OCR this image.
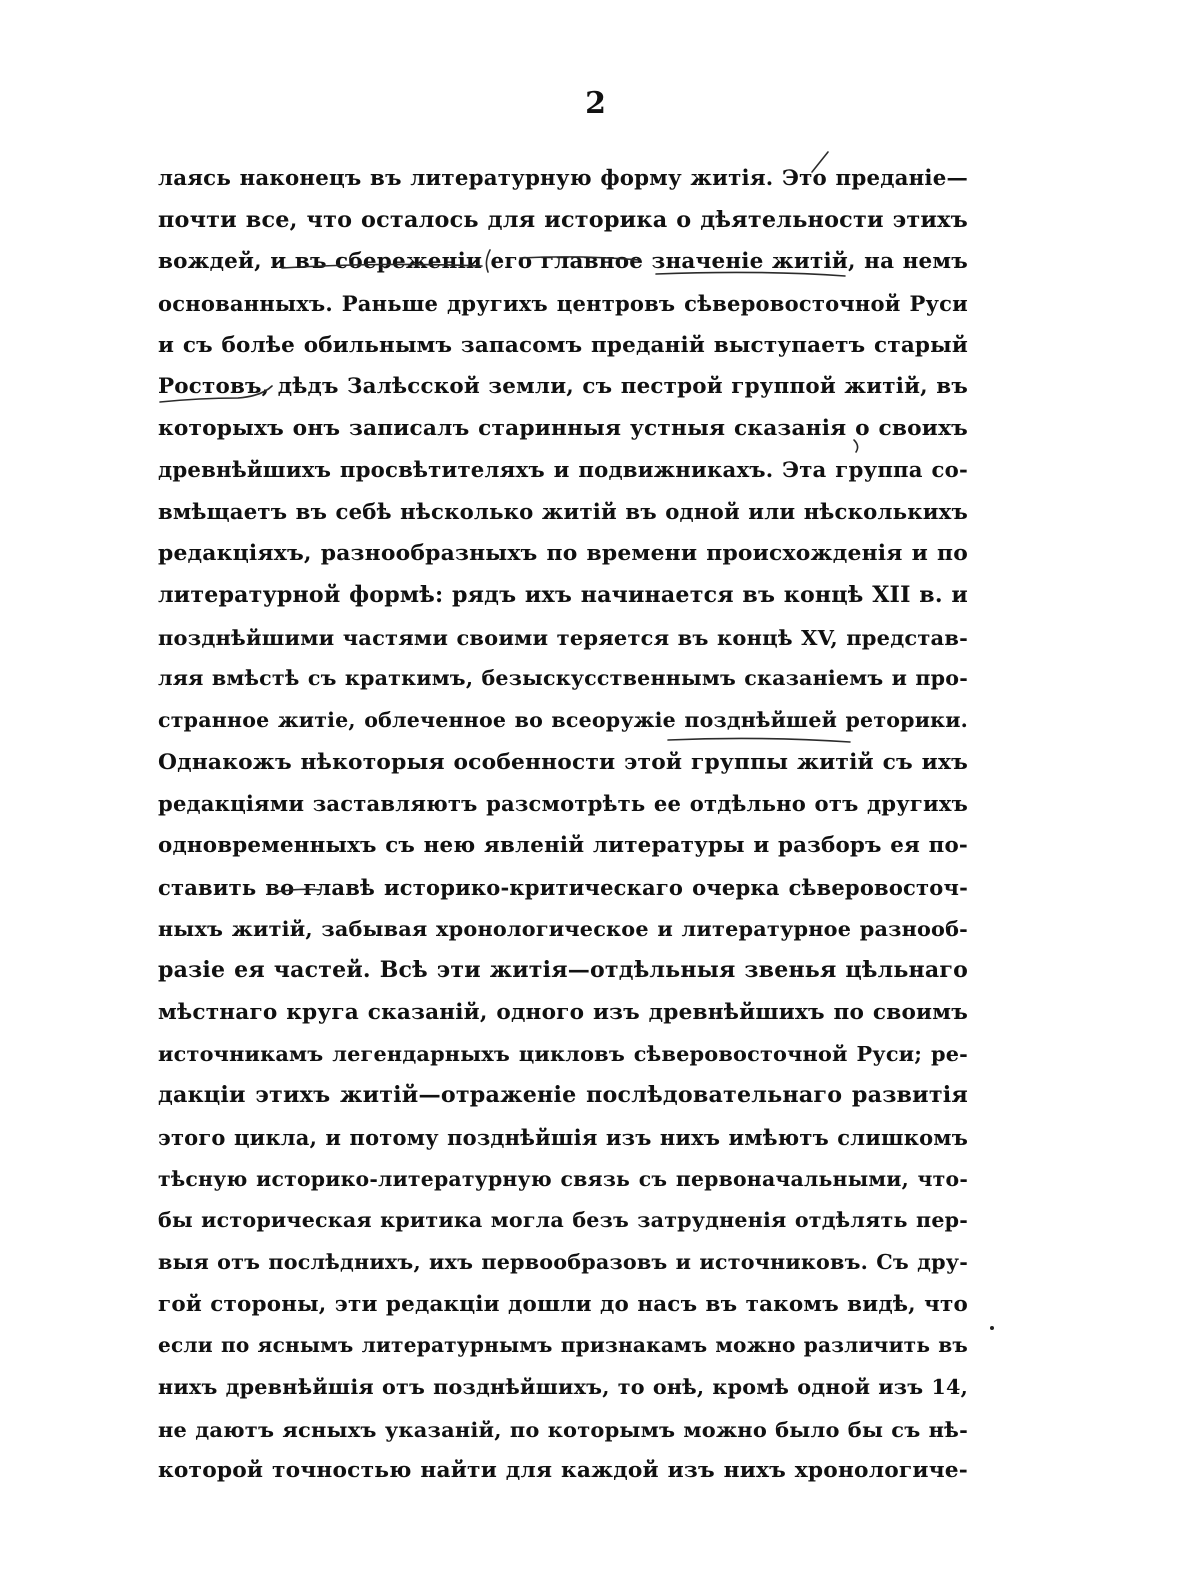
2
лаясь наконецъ въ литературную форму житія. Это преданіе—
почти все, что осталось для историка о дѣятельности этихъ
вождей, и въ сбереженіи его главное значеніе житій, на немъ
основанныхъ. Раньше другихъ центровъ сѣверовосточной Руси
и съ болѣе обильнымъ запасомъ преданій выступаетъ старый
Ростовъ, дѣдъ Залѣсской земли, съ пестрой группой житій, въ
которыхъ онъ записалъ старинныя устныя сказанія о своихъ
древнѣйшихъ просвѣтителяхъ и подвижникахъ. Эта группа со-
вмѣщаетъ въ себѣ нѣсколько житій въ одной или нѣсколькихъ
редакціяхъ, разнообразныхъ по времени происхожденія и по
литературной формѣ: рядъ ихъ начинается въ концѣ XII в. и
позднѣйшими частями своими теряется въ концѣ XV, представ-
ляя вмѣстѣ съ краткимъ, безыскусственнымъ сказаніемъ и про-
странное житіе, облеченное во всеоружіе позднѣйшей реторики.
Однакожъ нѣкоторыя особенности этой группы житій съ ихъ
редакціями заставляютъ разсмотрѣть ее отдѣльно отъ другихъ
одновременныхъ съ нею явленій литературы и разборъ ея по-
ставить во главѣ историко-критическаго очерка сѣверовосточ-
ныхъ житій, забывая хронологическое и литературное разнооб-
разіе ея частей. Всѣ эти житія—отдѣльныя звенья цѣльнаго
мѣстнаго круга сказаній, одного изъ древнѣйшихъ по своимъ
источникамъ легендарныхъ цикловъ сѣверовосточной Руси; ре-
дакціи этихъ житій—отраженіе послѣдовательнаго развитія
этого цикла, и потому позднѣйшія изъ нихъ имѣютъ слишкомъ
тѣсную историко-литературную связь съ первоначальными, что-
бы историческая критика могла безъ затрудненія отдѣлять пер-
выя отъ послѣднихъ, ихъ первообразовъ и источниковъ. Съ дру-
гой стороны, эти редакціи дошли до насъ въ такомъ видѣ, что
если по яснымъ литературнымъ признакамъ можно различить въ
нихъ древнѣйшія отъ позднѣйшихъ, то онѣ, кромѣ одной изъ 14,
не даютъ ясныхъ указаній, по которымъ можно было бы съ нѣ-
которой точностью найти для каждой изъ нихъ хронологиче-
